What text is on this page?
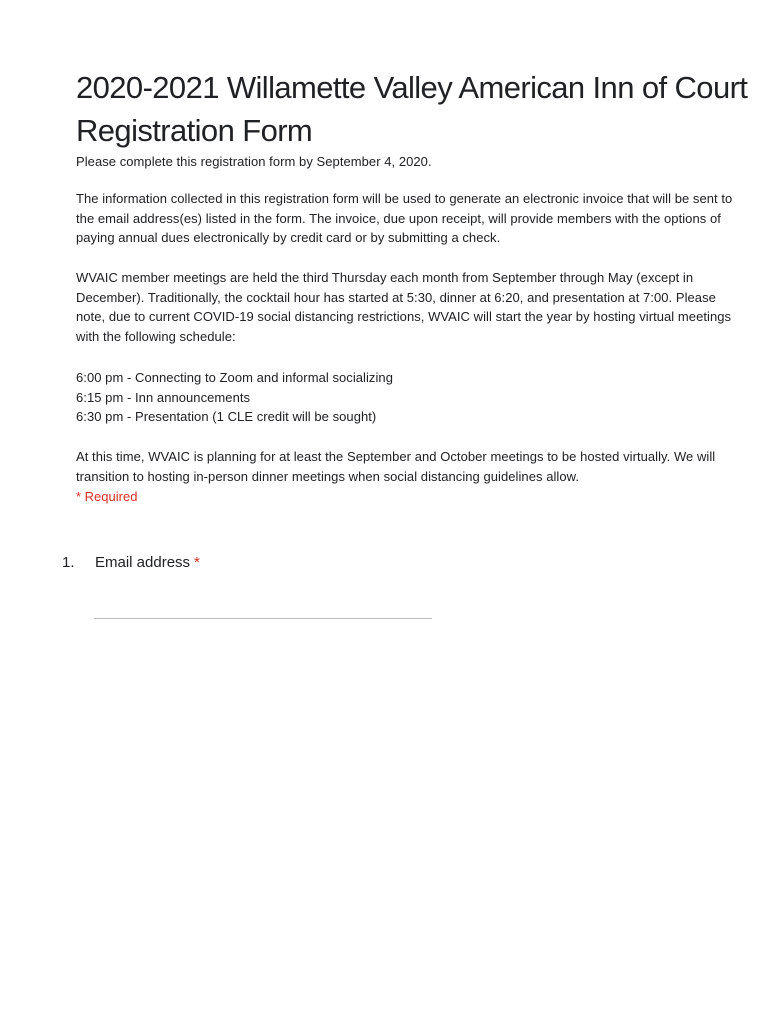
2020-2021 Willamette Valley American Inn of Court Registration Form

Please complete this registration form by September 4, 2020.

The information collected in this registration form will be used to generate an electronic invoice that will be sent to the email address(es) listed in the form. The invoice, due upon receipt, will provide members with the options of paying annual dues electronically by credit card or by submitting a check.

WVAIC member meetings are held the third Thursday each month from September through May (except in December). Traditionally, the cocktail hour has started at 5:30, dinner at 6:20, and presentation at 7:00. Please note, due to current COVID-19 social distancing restrictions, WVAIC will start the year by hosting virtual meetings with the following schedule:

6:00 pm - Connecting to Zoom and informal socializing
6:15 pm - Inn announcements
6:30 pm - Presentation (1 CLE credit will be sought)

At this time, WVAIC is planning for at least the September and October meetings to be hosted virtually. We will transition to hosting in-person dinner meetings when social distancing guidelines allow.

* Required

1. Email address *
